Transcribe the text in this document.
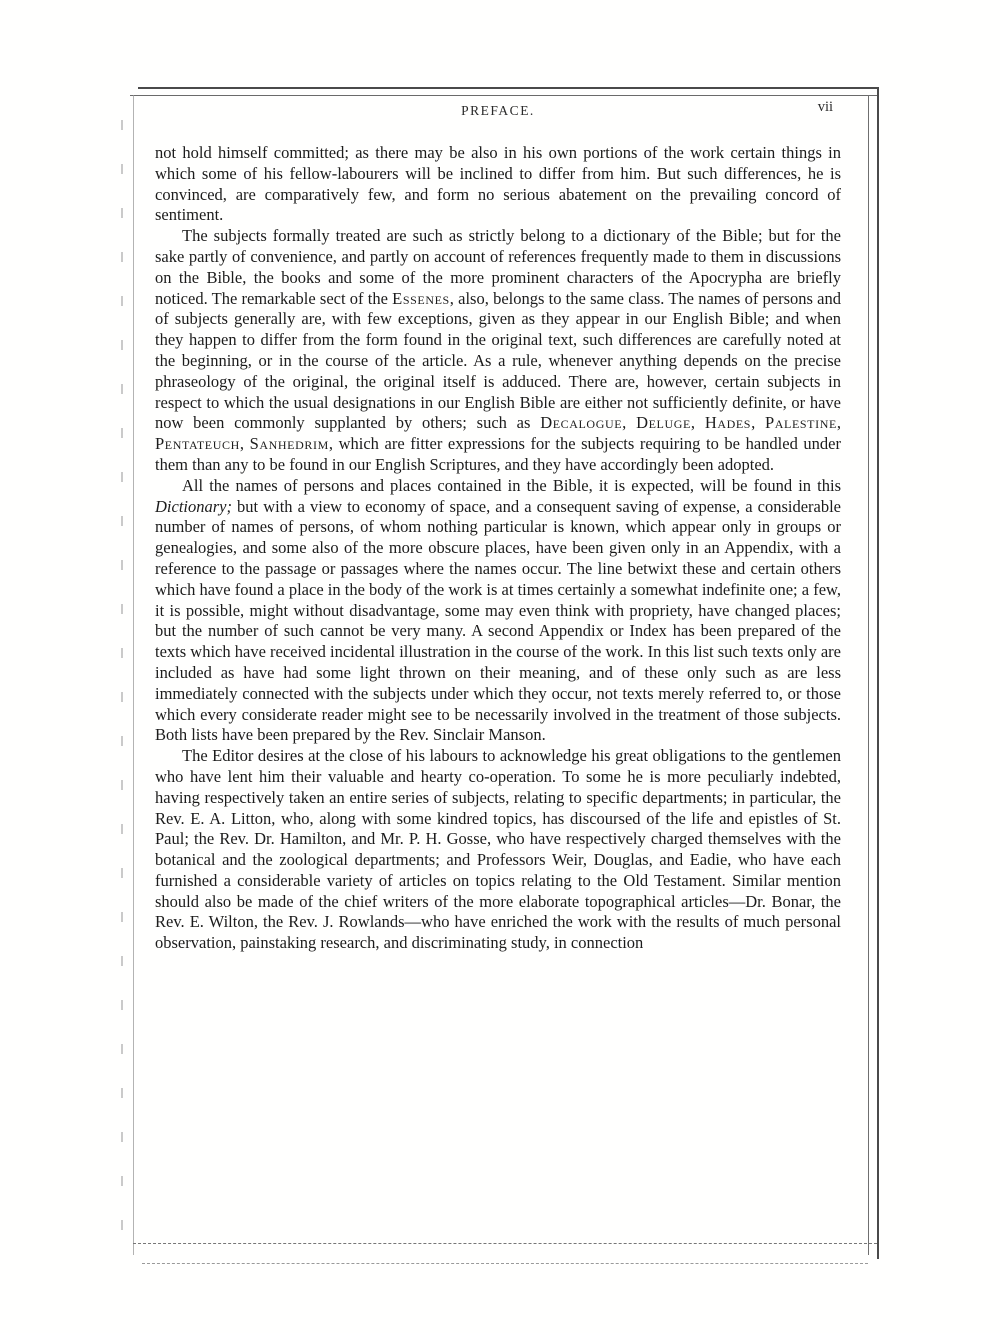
PREFACE.	vii

not hold himself committed; as there may be also in his own portions of the work certain things in which some of his fellow-labourers will be inclined to differ from him. But such differences, he is convinced, are comparatively few, and form no serious abatement on the prevailing concord of sentiment.

The subjects formally treated are such as strictly belong to a dictionary of the Bible; but for the sake partly of convenience, and partly on account of references frequently made to them in discussions on the Bible, the books and some of the more prominent characters of the Apocrypha are briefly noticed. The remarkable sect of the Essenes, also, belongs to the same class. The names of persons and of subjects generally are, with few exceptions, given as they appear in our English Bible; and when they happen to differ from the form found in the original text, such differences are carefully noted at the beginning, or in the course of the article. As a rule, whenever anything depends on the precise phraseology of the original, the original itself is adduced. There are, however, certain subjects in respect to which the usual designations in our English Bible are either not sufficiently definite, or have now been commonly supplanted by others; such as Decalogue, Deluge, Hades, Palestine, Pentateuch, Sanhedrim, which are fitter expressions for the subjects requiring to be handled under them than any to be found in our English Scriptures, and they have accordingly been adopted.

All the names of persons and places contained in the Bible, it is expected, will be found in this Dictionary; but with a view to economy of space, and a consequent saving of expense, a considerable number of names of persons, of whom nothing particular is known, which appear only in groups or genealogies, and some also of the more obscure places, have been given only in an Appendix, with a reference to the passage or passages where the names occur. The line betwixt these and certain others which have found a place in the body of the work is at times certainly a somewhat indefinite one; a few, it is possible, might without disadvantage, some may even think with propriety, have changed places; but the number of such cannot be very many. A second Appendix or Index has been prepared of the texts which have received incidental illustration in the course of the work. In this list such texts only are included as have had some light thrown on their meaning, and of these only such as are less immediately connected with the subjects under which they occur, not texts merely referred to, or those which every considerate reader might see to be necessarily involved in the treatment of those subjects. Both lists have been prepared by the Rev. Sinclair Manson.

The Editor desires at the close of his labours to acknowledge his great obligations to the gentlemen who have lent him their valuable and hearty co-operation. To some he is more peculiarly indebted, having respectively taken an entire series of subjects, relating to specific departments; in particular, the Rev. E. A. Litton, who, along with some kindred topics, has discoursed of the life and epistles of St. Paul; the Rev. Dr. Hamilton, and Mr. P. H. Gosse, who have respectively charged themselves with the botanical and the zoological departments; and Professors Weir, Douglas, and Eadie, who have each furnished a considerable variety of articles on topics relating to the Old Testament. Similar mention should also be made of the chief writers of the more elaborate topographical articles—Dr. Bonar, the Rev. E. Wilton, the Rev. J. Rowlands—who have enriched the work with the results of much personal observation, painstaking research, and discriminating study, in connection
